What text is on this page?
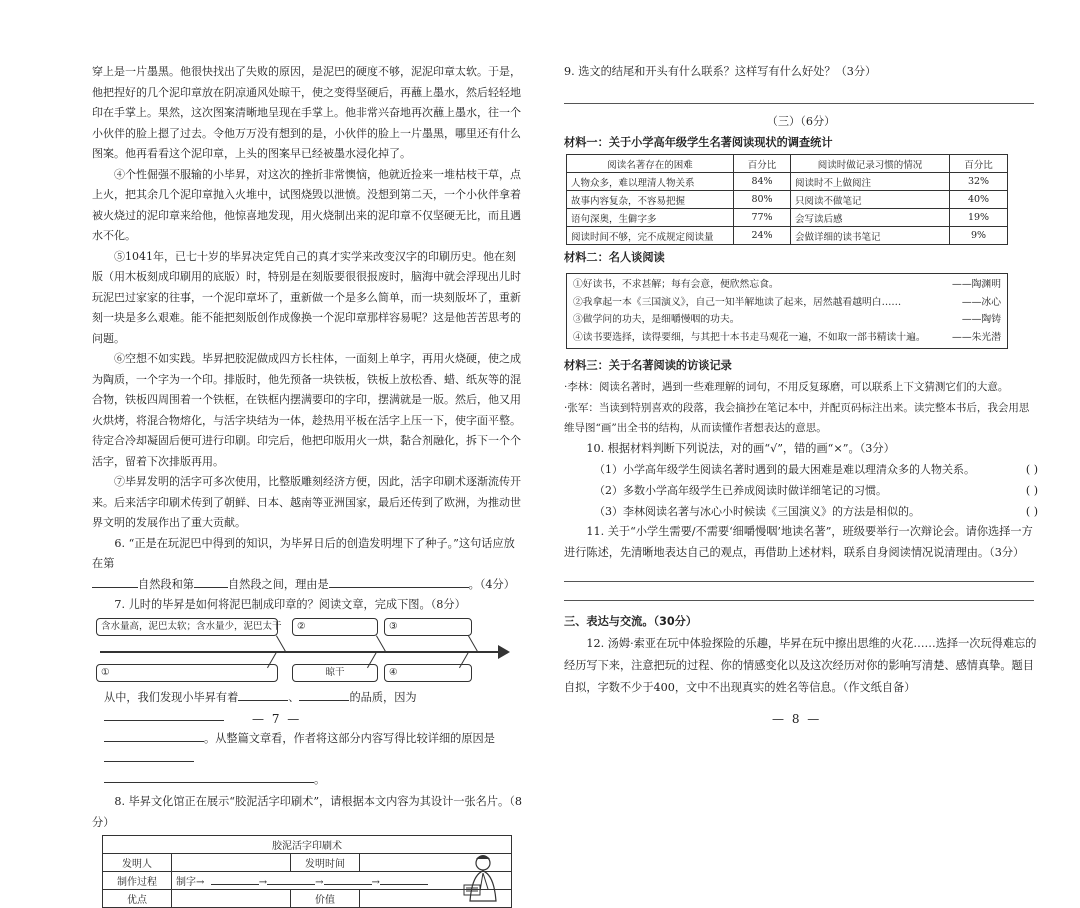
穿上是一片墨黑。他很快找出了失败的原因，是泥巴的硬度不够，泥泥印章太软。于是，他把捏好的几个泥印章放在阴凉通风处晾干，使之变得坚硬后，再蘸上墨水，然后轻轻地印在手掌上。果然，这次图案清晰地呈现在手掌上。他非常兴奋地再次蘸上墨水，往一个小伙伴的脸上摁了过去。令他万万没有想到的是，小伙伴的脸上一片墨黑，哪里还有什么图案。他再看看这个泥印章，上头的图案早已经被墨水浸化掉了。

④个性倔强不服输的小毕昇，对这次的挫折非常懊恼，他就近捡来一堆枯枝干草，点上火，把其余几个泥印章抛入火堆中，试图烧毁以泄愤。没想到第二天，一个小伙伴拿着被火烧过的泥印章来给他，他惊喜地发现，用火烧制出来的泥印章不仅坚硬无比，而且遇水不化。

⑤1041年，已七十岁的毕昇决定凭自己的真才实学来改变汉字的印刷历史。他在刻版（用木板刻成印刷用的底版）时，特别是在刻版要很很报废时，脑海中就会浮现出儿时玩泥巴过家家的往事，一个泥印章坏了，重新做一个是多么简单，而一块刻版坏了，重新刻一块是多么艰难。能不能把刻版创作成像换一个泥印章那样容易呢？这是他苦苦思考的问题。

⑥空想不如实践。毕昇把胶泥做成四方长柱体，一面刻上单字，再用火烧硬，使之成为陶质，一个字为一个印。排版时，他先预备一块铁板，铁板上放松香、蜡、纸灰等的混合物，铁板四周围着一个铁框，在铁框内摆满要印的字印，摆满就是一版。然后，他又用火烘烤，将混合物熔化，与活字块结为一体，趁热用平板在活字上压一下，使字面平整。待定合冷却凝固后便可进行印刷。印完后，他把印版用火一烘，黏合剂融化，拆下一个个活字，留着下次排版再用。

⑦毕昇发明的活字可多次使用，比整版雕刻经济方便，因此，活字印刷术逐渐流传开来。后来活字印刷术传到了朝鲜、日本、越南等亚洲国家，最后还传到了欧洲，为推动世界文明的发展作出了重大贡献。

6. “正是在玩泥巴中得到的知识，为毕昇日后的创造发明埋下了种子。”这句话应放在第
自然段和第	自然段之间，理由是	。（4分）

7. 儿时的毕昇是如何将泥巴制成印章的？阅读文章，完成下图。（8分）

含水量高，泥巴太软；含水量少，泥巴太干	②	③
①	晾干	④

从中，我们发现小毕昇有着	、	的品质，因为
。从整篇文章看，作者将这部分内容写得比较详细的原因是
。

8. 毕昇文化馆正在展示“胶泥活字印刷术”，请根据本文内容为其设计一张名片。（8分）

胶泥活字印刷术			
发明人		发明时间	
制作过程	制字→ → → →		
优点		价值	
— 7 —

9. 选文的结尾和开头有什么联系？这样写有什么好处？（3分）

（三）（6分）

材料一：关于小学高年级学生名著阅读现状的调查统计

阅读名著存在的困难	百分比	阅读时做记录习惯的情况	百分比
人物众多，难以理清人物关系	84%	阅读时不上做阅注	32%
故事内容复杂，不容易把握	80%	只阅读不做笔记	40%
语句深奥，生僻字多	77%	会写读后感	19%
阅读时间不够，完不成规定阅读量	24%	会做详细的读书笔记	9%

材料二：名人谈阅读

①好读书，不求甚解；每有会意，便欣然忘食。	——陶渊明
②我拿起一本《三国演义》，自己一知半解地读了起来，居然越看越明白……	——冰心
③做学问的功夫，是细嚼慢咽的功夫。	——陶铸
④读书要选择，读得要细，与其把十本书走马观花一遍，不如取一部书精读十遍。	——朱光潜

材料三：关于名著阅读的访谈记录

·李林：阅读名著时，遇到一些难理解的词句，不用反复琢磨，可以联系上下文猜测它们的大意。

·张军：当读到特别喜欢的段落，我会摘抄在笔记本中，并配页码标注出来。读完整本书后，我会用思维导图“画”出全书的结构，从而读懂作者想表达的意思。

10. 根据材料判断下列说法，对的画“√”，错的画“×”。（3分）

（1）小学高年级学生阅读名著时遇到的最大困难是难以理清众多的人物关系。	( )
（2）多数小学高年级学生已养成阅读时做详细笔记的习惯。	( )
（3）李林阅读名著与冰心小时候读《三国演义》的方法是相似的。	( )

11. 关于“小学生需要/不需要‘细嚼慢咽’地读名著”，班级要举行一次辩论会。请你选择一方进行陈述，先清晰地表达自己的观点，再借助上述材料，联系自身阅读情况说清理由。（3分）

三、表达与交流。（30分）

12. 汤姆·索亚在玩中体验探险的乐趣，毕昇在玩中擦出思维的火花……选择一次玩得难忘的经历写下来，注意把玩的过程、你的情感变化以及这次经历对你的影响写清楚、感情真挚。题目自拟，字数不少于400，文中不出现真实的姓名等信息。（作文纸自备）

— 8 —
